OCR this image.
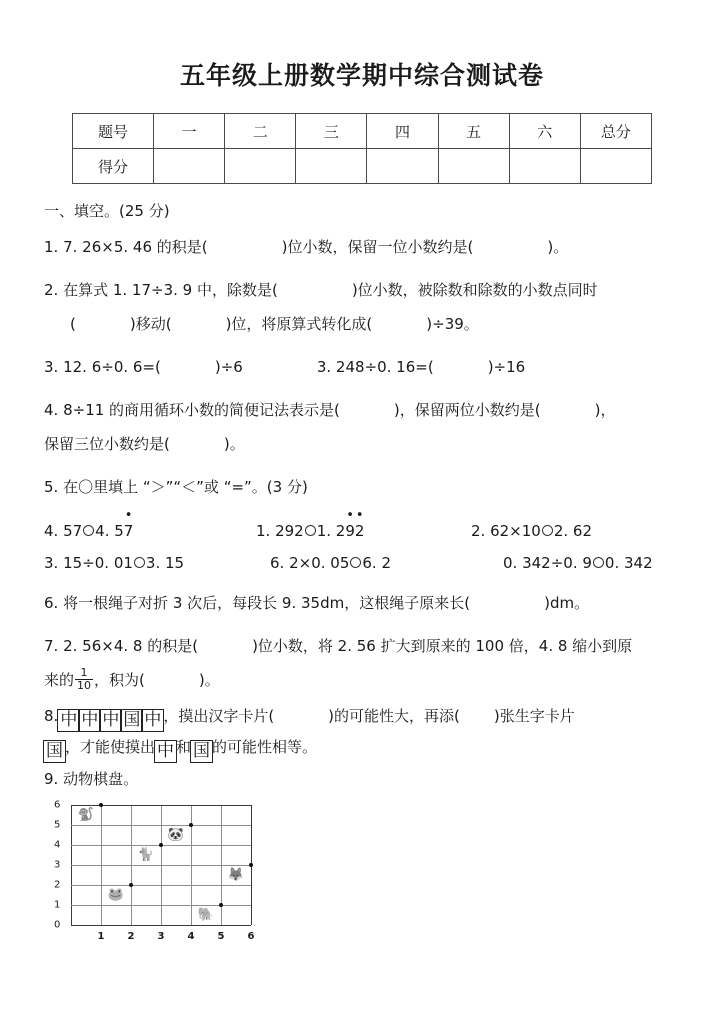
五年级上册数学期中综合测试卷
题号	一	二	三	四	五	六	总分
得分							

一、填空。(25 分)

1. 7. 26×5. 46 的积是(	)位小数，保留一位小数约是(	)。
2. 在算式 1. 17÷3. 9 中，除数是(	)位小数，被除数和除数的小数点同时
(	)移动(	)位，将原算式转化成(	)÷39。
3. 12. 6÷0. 6=(	)÷6	3. 248÷0. 16=(	)÷16
4. 8÷11 的商用循环小数的简便记法表示是(	)，保留两位小数约是(	)，
保留三位小数约是(	)。
5. 在〇里填上 “＞”“＜”或 “=”。(3 分)
4. 57 4. 57 •	1. 292 1. 29 •2 •	2. 62×10 2. 62
3. 15÷0. 01 3. 15	6. 2×0. 05 6. 2	0. 342÷0. 9 0. 342
6. 将一根绳子对折 3 次后，每段长 9. 35dm，这根绳子原来长(	)dm。
7. 2. 56×4. 8 的积是(	)位小数，将 2. 56 扩大到原来的 100 倍，4. 8 缩小到原
来的 $\frac{1}{10}$ ，积为(	)。
8. 中 中 中 国 中 ，摸出汉字卡片(	)的可能性大，再添( )张生字卡片
国 ，才能使摸出 中 和 国 的可能性相等。
9. 动物棋盘。
🐒
🐼
🐈
🦊
🐸
🐘
0
1
2
3
4
5
6
1 2 3 4 5 6
